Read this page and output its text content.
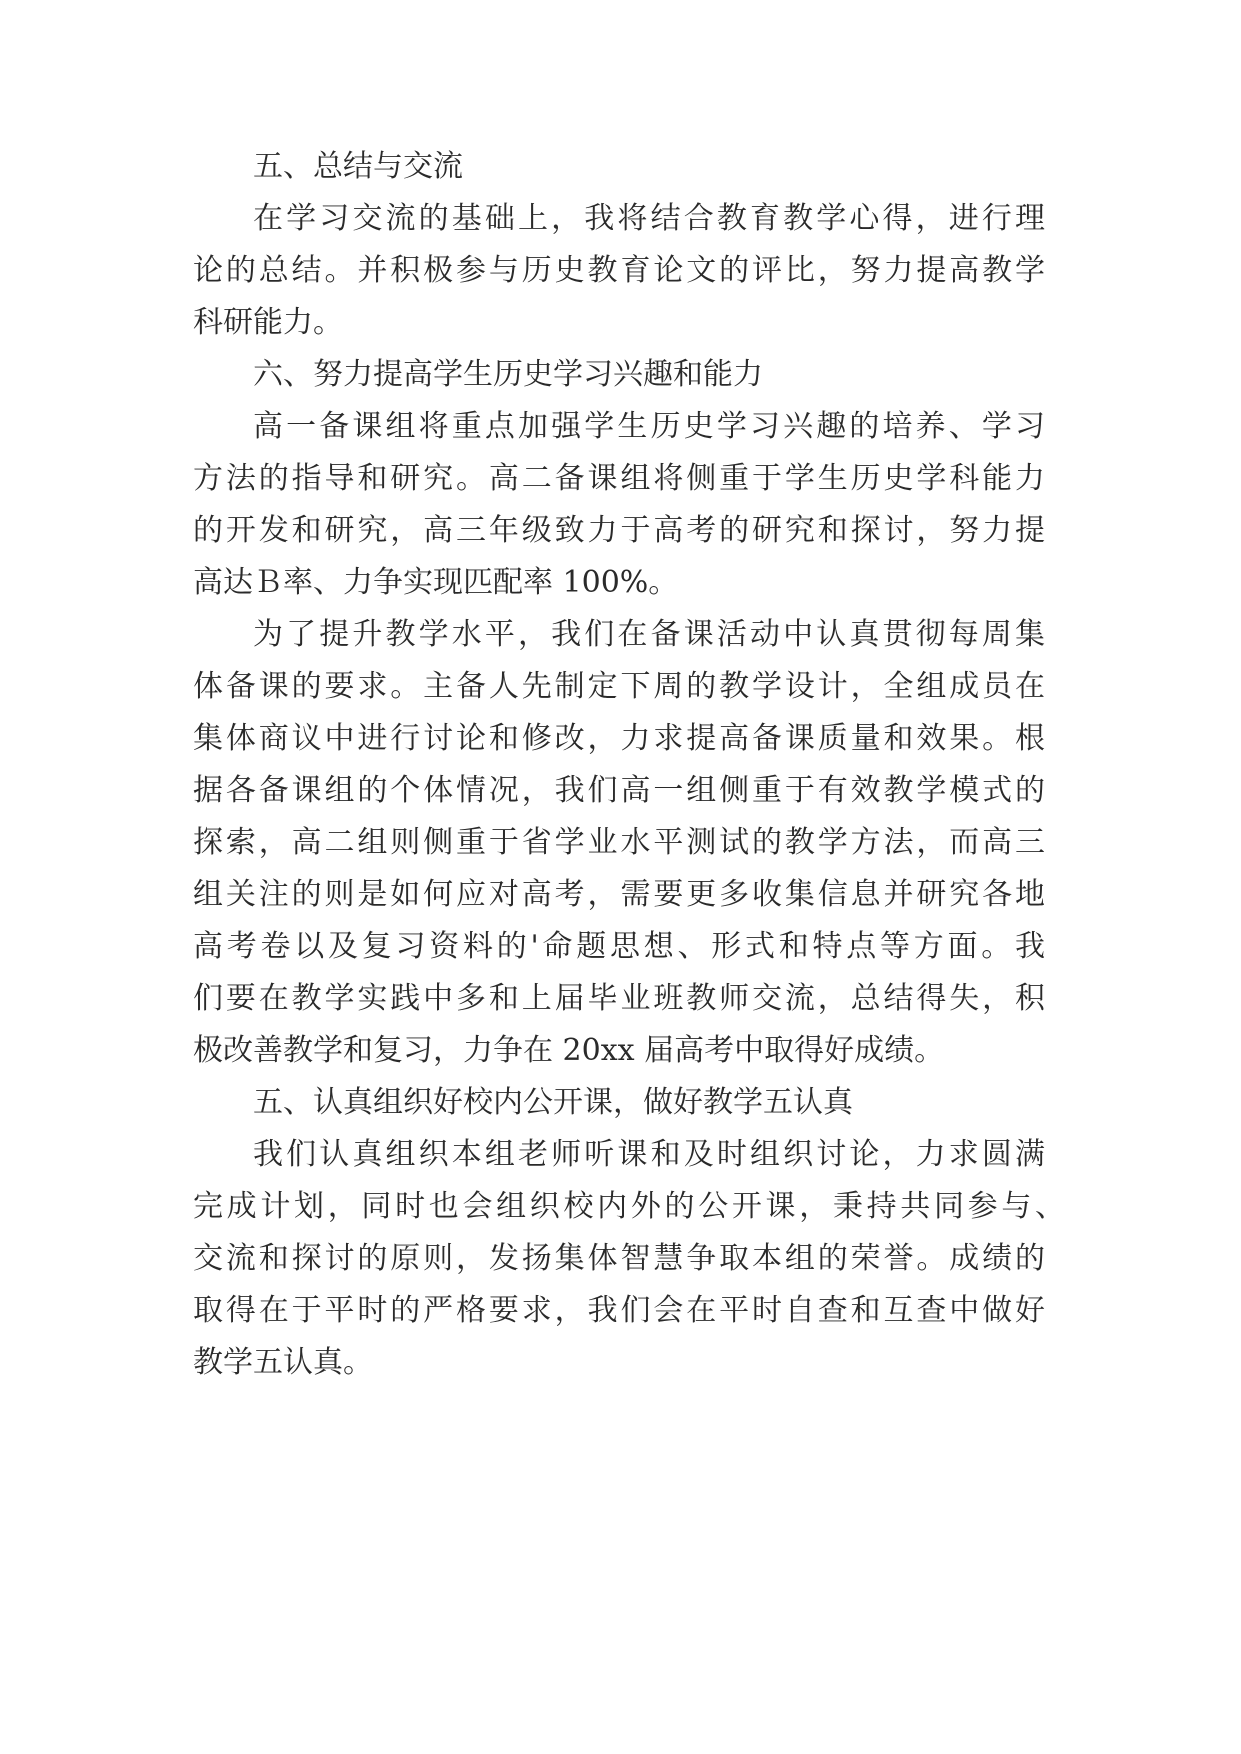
五、总结与交流

在学习交流的基础上，我将结合教育教学心得，进行理

论的总结。并积极参与历史教育论文的评比，努力提高教学

科研能力。

六、努力提高学生历史学习兴趣和能力

高一备课组将重点加强学生历史学习兴趣的培养、学习

方法的指导和研究。高二备课组将侧重于学生历史学科能力

的开发和研究，高三年级致力于高考的研究和探讨，努力提

高达Ｂ率、力争实现匹配率 100%。

为了提升教学水平，我们在备课活动中认真贯彻每周集

体备课的要求。主备人先制定下周的教学设计，全组成员在

集体商议中进行讨论和修改，力求提高备课质量和效果。根

据各备课组的个体情况，我们高一组侧重于有效教学模式的

探索，高二组则侧重于省学业水平测试的教学方法，而高三

组关注的则是如何应对高考，需要更多收集信息并研究各地

高考卷以及复习资料的'命题思想、形式和特点等方面。我

们要在教学实践中多和上届毕业班教师交流，总结得失，积

极改善教学和复习，力争在 20xx 届高考中取得好成绩。

五、认真组织好校内公开课，做好教学五认真

我们认真组织本组老师听课和及时组织讨论，力求圆满

完成计划，同时也会组织校内外的公开课，秉持共同参与、

交流和探讨的原则，发扬集体智慧争取本组的荣誉。成绩的

取得在于平时的严格要求，我们会在平时自查和互查中做好

教学五认真。
